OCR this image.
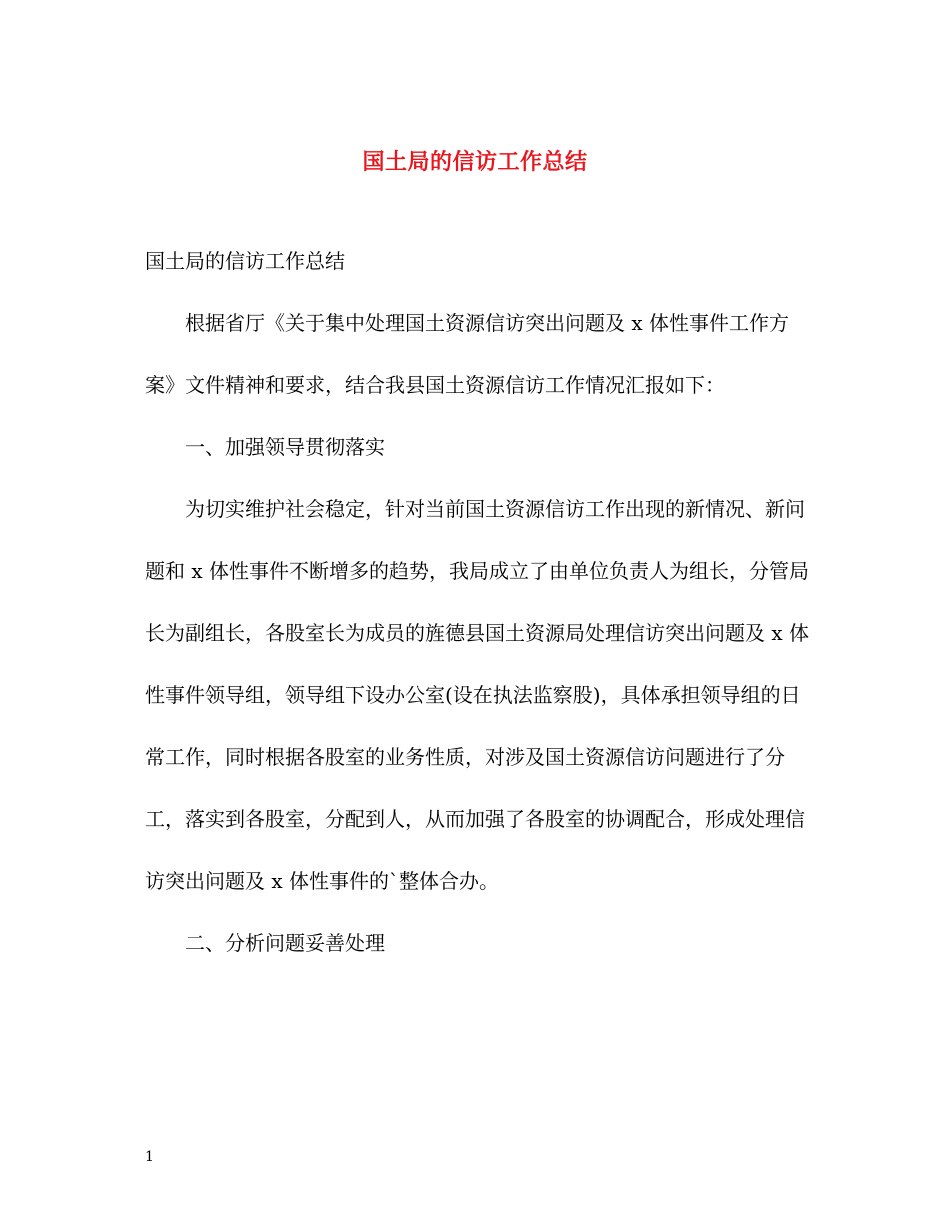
国土局的信访工作总结

国土局的信访工作总结

根据省厅《关于集中处理国土资源信访突出问题及 x 体性事件工作方案》文件精神和要求，结合我县国土资源信访工作情况汇报如下：

一、加强领导贯彻落实

为切实维护社会稳定，针对当前国土资源信访工作出现的新情况、新问题和 x 体性事件不断增多的趋势，我局成立了由单位负责人为组长，分管局长为副组长，各股室长为成员的旌德县国土资源局处理信访突出问题及 x 体性事件领导组，领导组下设办公室(设在执法监察股)，具体承担领导组的日常工作，同时根据各股室的业务性质，对涉及国土资源信访问题进行了分工，落实到各股室，分配到人，从而加强了各股室的协调配合，形成处理信访突出问题及 x 体性事件的`整体合办。

二、分析问题妥善处理

1
